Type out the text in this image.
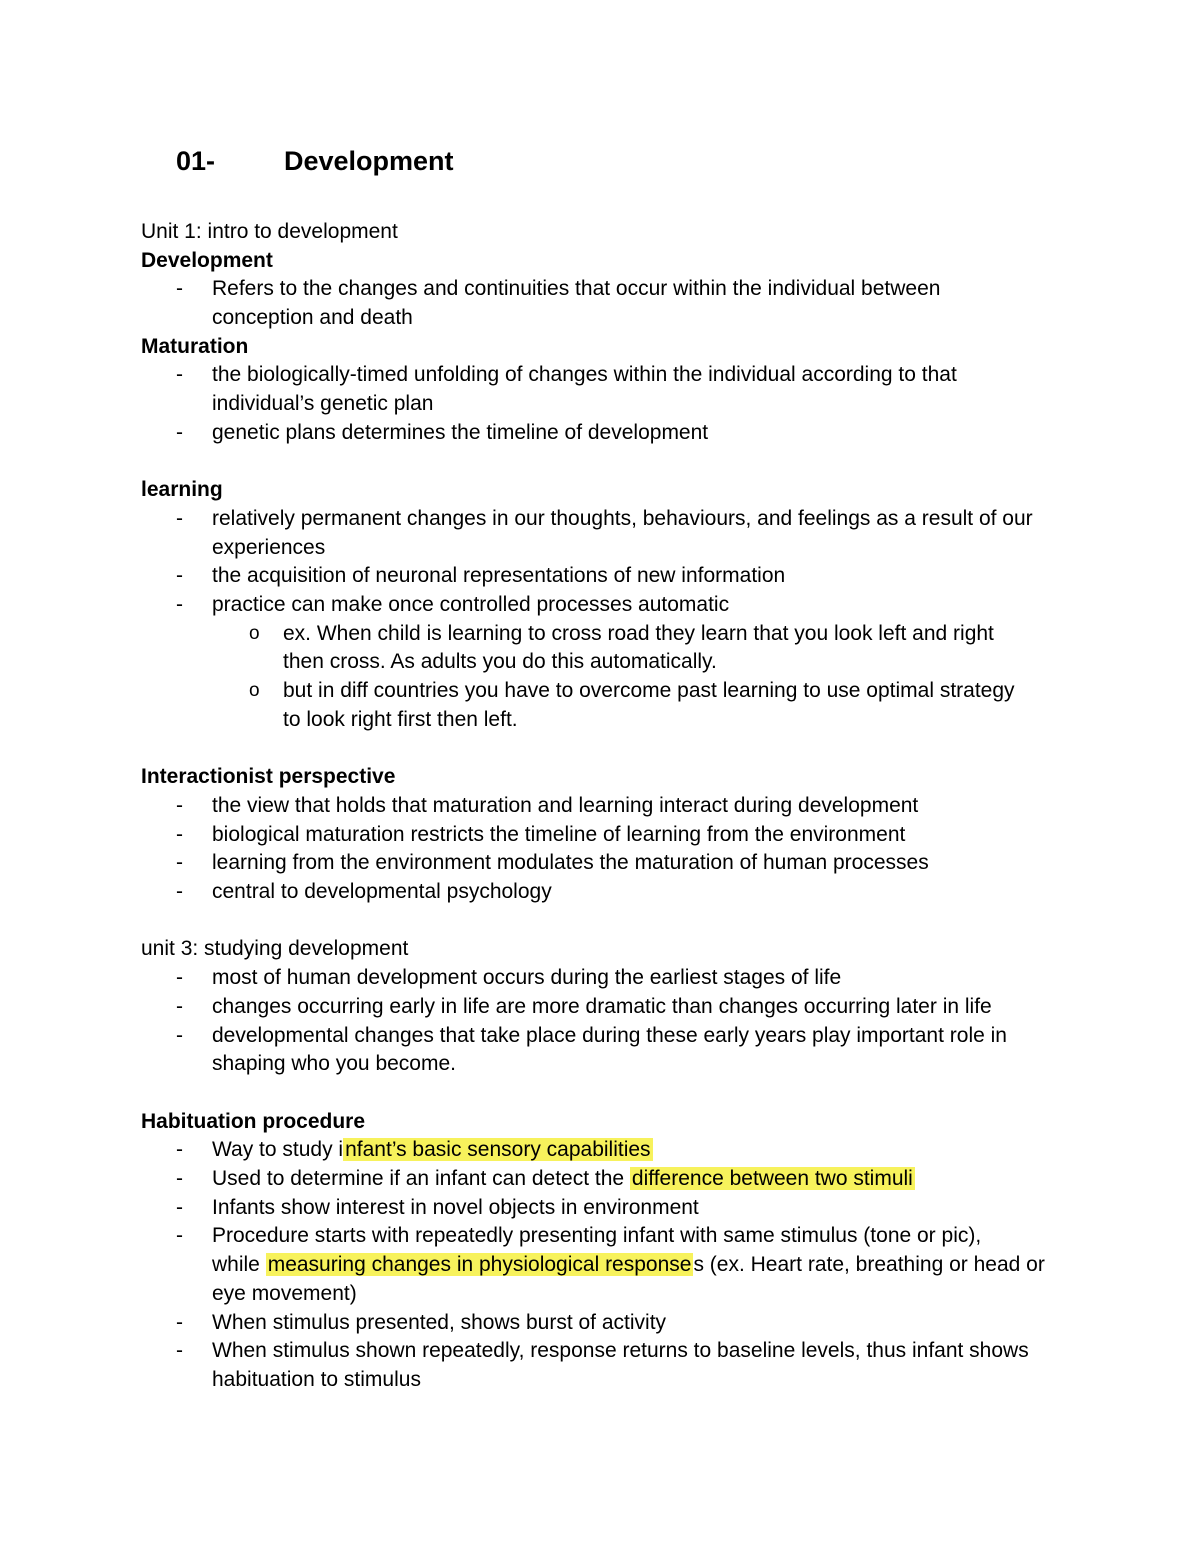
01-	Development
Unit 1: intro to development
Development
- Refers to the changes and continuities that occur within the individual between
conception and death
Maturation
- the biologically-timed unfolding of changes within the individual according to that
individual’s genetic plan
- genetic plans determines the timeline of development
learning
- relatively permanent changes in our thoughts, behaviours, and feelings as a result of our
experiences
- the acquisition of neuronal representations of new information
- practice can make once controlled processes automatic
o ex. When child is learning to cross road they learn that you look left and right
then cross. As adults you do this automatically.
o but in diff countries you have to overcome past learning to use optimal strategy
to look right first then left.
Interactionist perspective
- the view that holds that maturation and learning interact during development
- biological maturation restricts the timeline of learning from the environment
- learning from the environment modulates the maturation of human processes
- central to developmental psychology
unit 3: studying development
- most of human development occurs during the earliest stages of life
- changes occurring early in life are more dramatic than changes occurring later in life
- developmental changes that take place during these early years play important role in
shaping who you become.
Habituation procedure
- Way to study infant’s basic sensory capabilities
- Used to determine if an infant can detect the difference between two stimuli
- Infants show interest in novel objects in environment
- Procedure starts with repeatedly presenting infant with same stimulus (tone or pic),
while measuring changes in physiological responses (ex. Heart rate, breathing or head or
eye movement)
- When stimulus presented, shows burst of activity
- When stimulus shown repeatedly, response returns to baseline levels, thus infant shows
habituation to stimulus
